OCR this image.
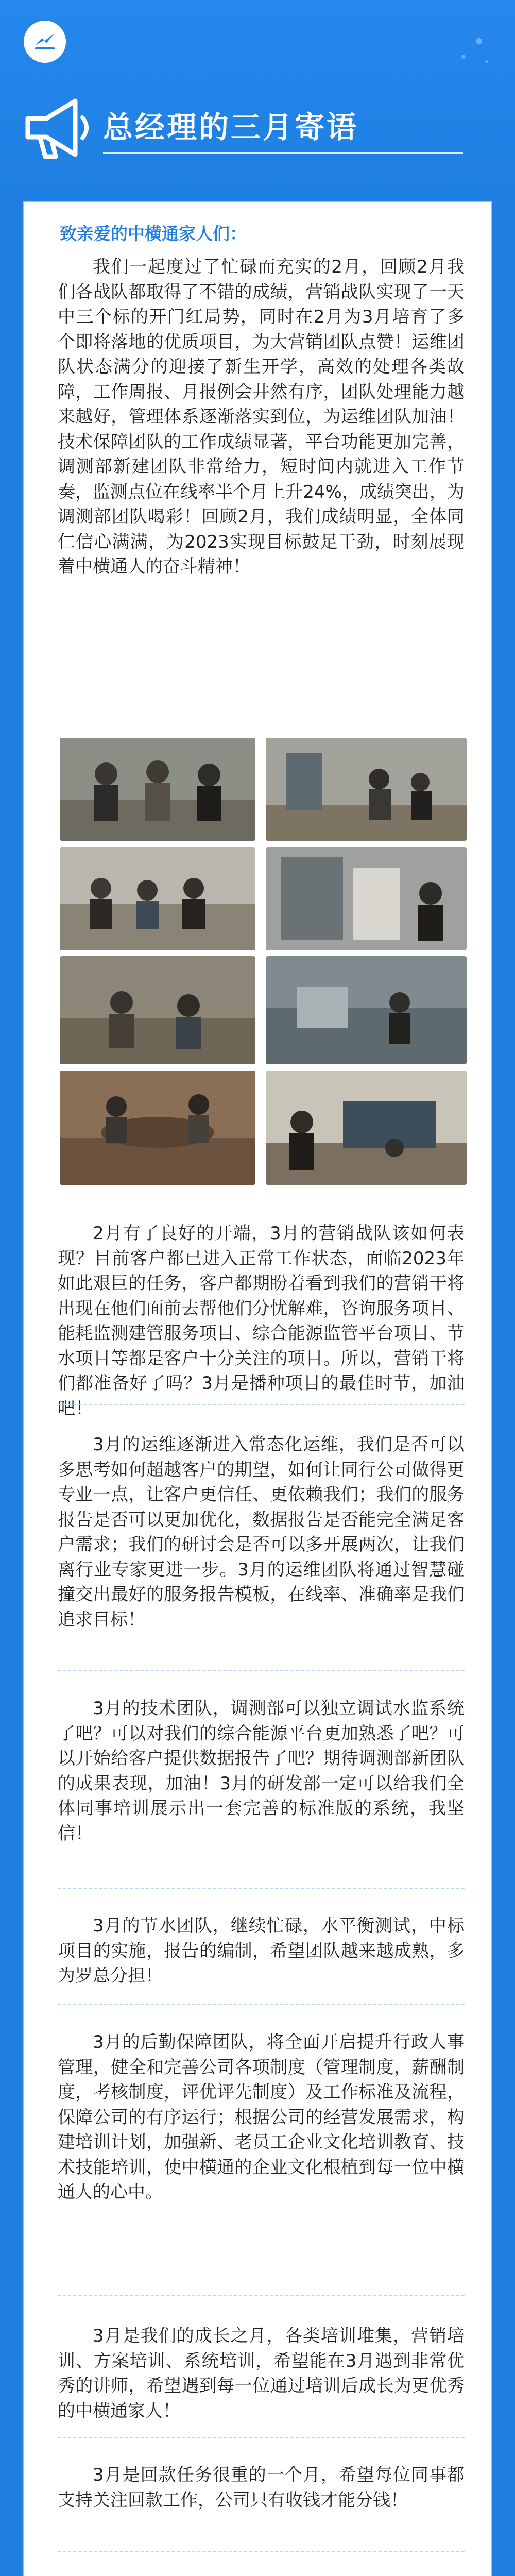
总经理的三月寄语

致亲爱的中横通家人们：

我们一起度过了忙碌而充实的2月，回顾2月我们各战队都取得了不错的成绩，营销战队实现了一天中三个标的开门红局势，同时在2月为3月培育了多个即将落地的优质项目，为大营销团队点赞！运维团队状态满分的迎接了新生开学，高效的处理各类故障，工作周报、月报例会井然有序，团队处理能力越来越好，管理体系逐渐落实到位，为运维团队加油！技术保障团队的工作成绩显著，平台功能更加完善，调测部新建团队非常给力，短时间内就进入工作节奏，监测点位在线率半个月上升24%，成绩突出，为调测部团队喝彩！回顾2月，我们成绩明显，全体同仁信心满满，为2023实现目标鼓足干劲，时刻展现着中横通人的奋斗精神！

2月有了良好的开端，3月的营销战队该如何表现？目前客户都已进入正常工作状态，面临2023年如此艰巨的任务，客户都期盼着看到我们的营销干将出现在他们面前去帮他们分忧解难，咨询服务项目、能耗监测建管服务项目、综合能源监管平台项目、节水项目等都是客户十分关注的项目。所以，营销干将们都准备好了吗？3月是播种项目的最佳时节，加油吧！

3月的运维逐渐进入常态化运维，我们是否可以多思考如何超越客户的期望，如何让同行公司做得更专业一点，让客户更信任、更依赖我们；我们的服务报告是否可以更加优化，数据报告是否能完全满足客户需求；我们的研讨会是否可以多开展两次，让我们离行业专家更进一步。3月的运维团队将通过智慧碰撞交出最好的服务报告模板，在线率、准确率是我们追求目标！

3月的技术团队，调测部可以独立调试水监系统了吧？可以对我们的综合能源平台更加熟悉了吧？可以开始给客户提供数据报告了吧？期待调测部新团队的成果表现，加油！3月的研发部一定可以给我们全体同事培训展示出一套完善的标准版的系统，我坚信！

3月的节水团队，继续忙碌，水平衡测试，中标项目的实施，报告的编制，希望团队越来越成熟，多为罗总分担！

3月的后勤保障团队，将全面开启提升行政人事管理，健全和完善公司各项制度（管理制度，薪酬制度，考核制度，评优评先制度）及工作标准及流程，保障公司的有序运行；根据公司的经营发展需求，构建培训计划，加强新、老员工企业文化培训教育、技术技能培训，使中横通的企业文化根植到每一位中横通人的心中。

3月是我们的成长之月，各类培训堆集，营销培训、方案培训、系统培训，希望能在3月遇到非常优秀的讲师，希望遇到每一位通过培训后成长为更优秀的中横通家人！

3月是回款任务很重的一个月，希望每位同事都支持关注回款工作，公司只有收钱才能分钱！
